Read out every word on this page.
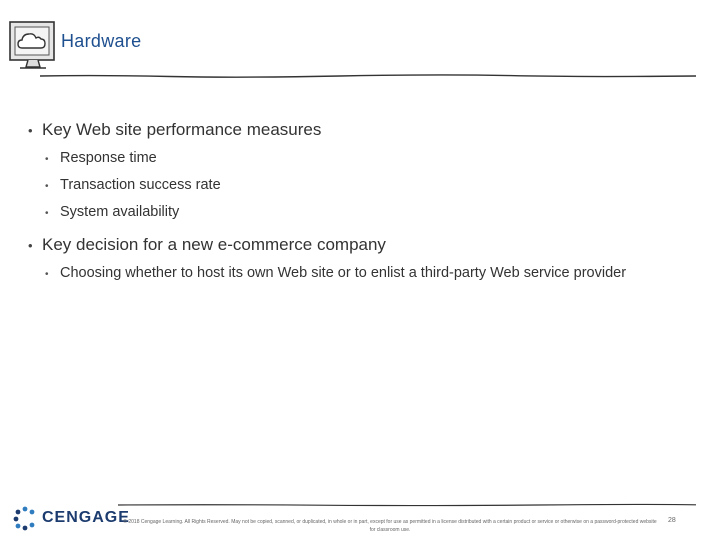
Hardware
• Key Web site performance measures
• Response time
• Transaction success rate
• System availability
• Key decision for a new e-commerce company
• Choosing whether to host its own Web site or to enlist a third-party Web service provider
CENGAGE
© 2018 Cengage Learning. All Rights Reserved. May not be copied, scanned, or duplicated, in whole or in part, except for use as permitted in a license distributed with a certain product or service or otherwise on a password-protected website for classroom use.
28
